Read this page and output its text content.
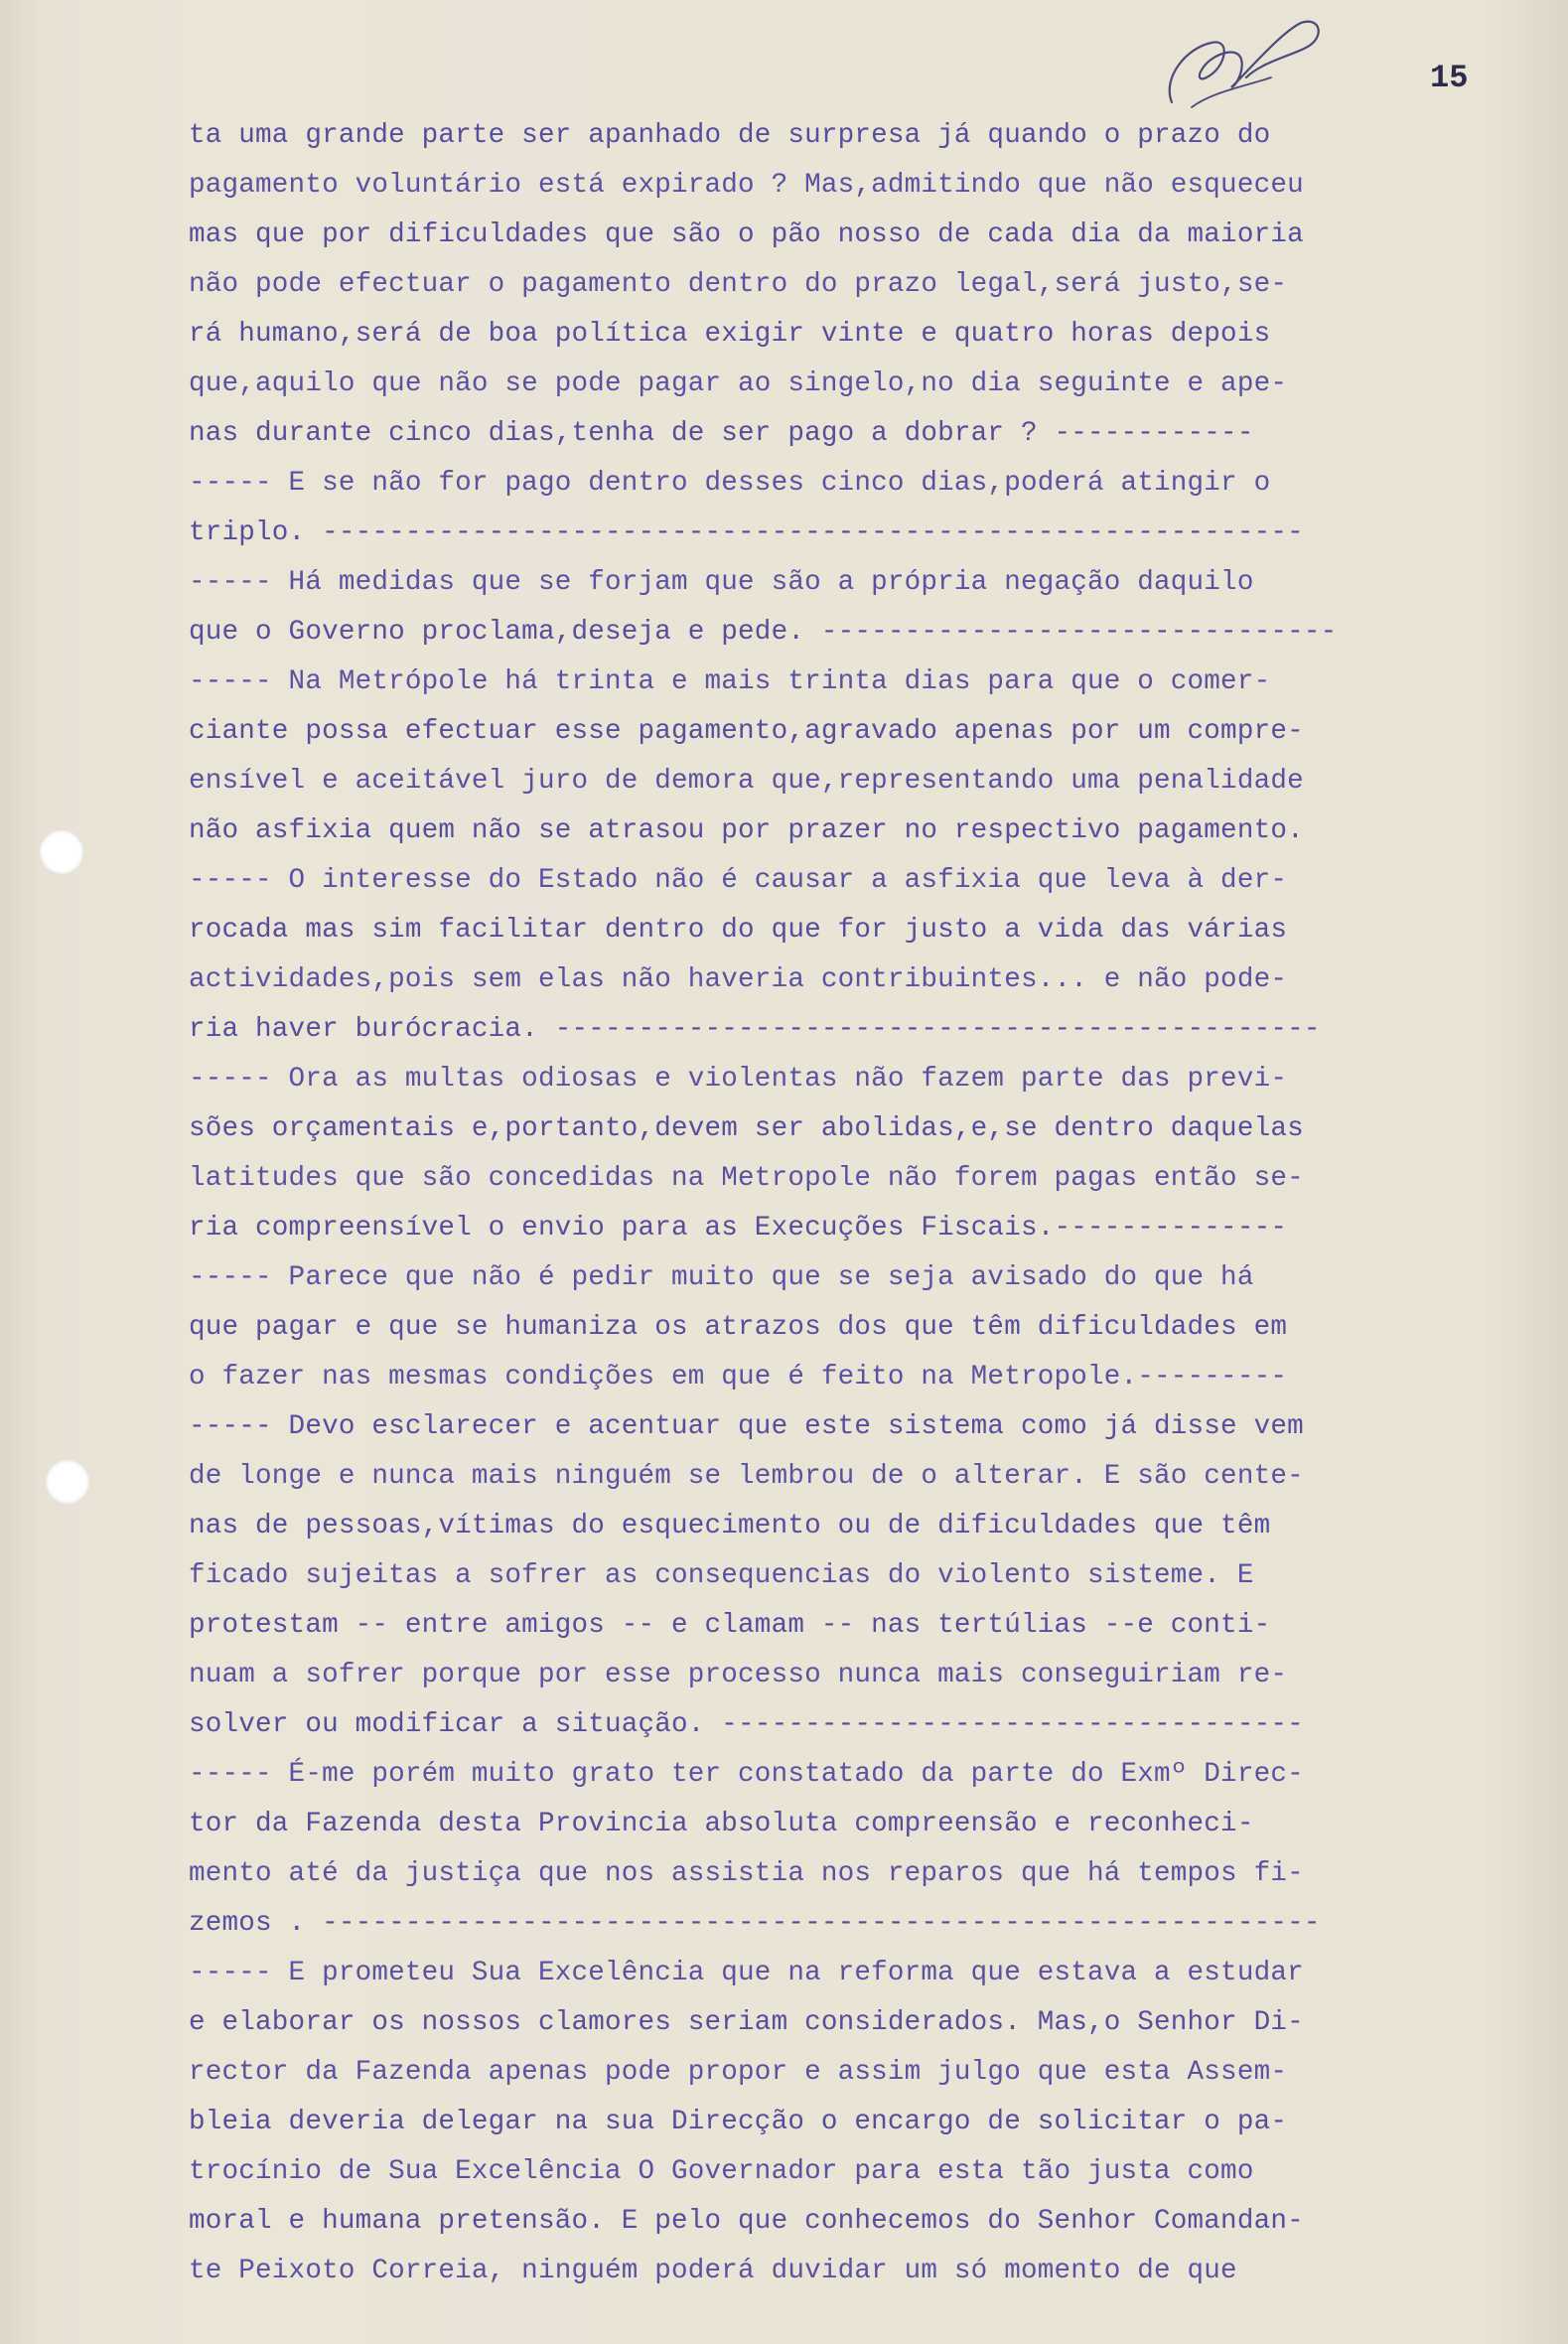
15
ta uma grande parte ser apanhado de surpresa já quando o prazo do
pagamento voluntário está expirado ? Mas,admitindo que não esqueceu
mas que por dificuldades que são o pão nosso de cada dia da maioria
não pode efectuar o pagamento dentro do prazo legal,será justo,se-
rá humano,será de boa política exigir vinte e quatro horas depois
que,aquilo que não se pode pagar ao singelo,no dia seguinte e ape-
nas durante cinco dias,tenha de ser pago a dobrar ? ------------
----- E se não for pago dentro desses cinco dias,poderá atingir o
triplo. -----------------------------------------------------------
----- Há medidas que se forjam que são a própria negação daquilo
que o Governo proclama,deseja e pede. -------------------------------
----- Na Metrópole há trinta e mais trinta dias para que o comer-
ciante possa efectuar esse pagamento,agravado apenas por um compre-
ensível e aceitável juro de demora que,representando uma penalidade
não asfixia quem não se atrasou por prazer no respectivo pagamento.
----- O interesse do Estado não é causar a asfixia que leva à der-
rocada mas sim facilitar dentro do que for justo a vida das várias
actividades,pois sem elas não haveria contribuintes... e não pode-
ria haver burócracia. ----------------------------------------------
----- Ora as multas odiosas e violentas não fazem parte das previ-
sões orçamentais e,portanto,devem ser abolidas,e,se dentro daquelas
latitudes que são concedidas na Metropole não forem pagas então se-
ria compreensível o envio para as Execuções Fiscais.--------------
----- Parece que não é pedir muito que se seja avisado do que há
que pagar e que se humaniza os atrazos dos que têm dificuldades em
o fazer nas mesmas condições em que é feito na Metropole.---------
----- Devo esclarecer e acentuar que este sistema como já disse vem
de longe e nunca mais ninguém se lembrou de o alterar. E são cente-
nas de pessoas,vítimas do esquecimento ou de dificuldades que têm
ficado sujeitas a sofrer as consequencias do violento sisteme. E
protestam -- entre amigos -- e clamam -- nas tertúlias --e conti-
nuam a sofrer porque por esse processo nunca mais conseguiriam re-
solver ou modificar a situação. -----------------------------------
----- É-me porém muito grato ter constatado da parte do Exmº Direc-
tor da Fazenda desta Provincia absoluta compreensão e reconheci-
mento até da justiça que nos assistia nos reparos que há tempos fi-
zemos . ------------------------------------------------------------
----- E prometeu Sua Excelência que na reforma que estava a estudar
e elaborar os nossos clamores seriam considerados. Mas,o Senhor Di-
rector da Fazenda apenas pode propor e assim julgo que esta Assem-
bleia deveria delegar na sua Direcção o encargo de solicitar o pa-
trocínio de Sua Excelência O Governador para esta tão justa como
moral e humana pretensão. E pelo que conhecemos do Senhor Comandan-
te Peixoto Correia, ninguém poderá duvidar um só momento de que
